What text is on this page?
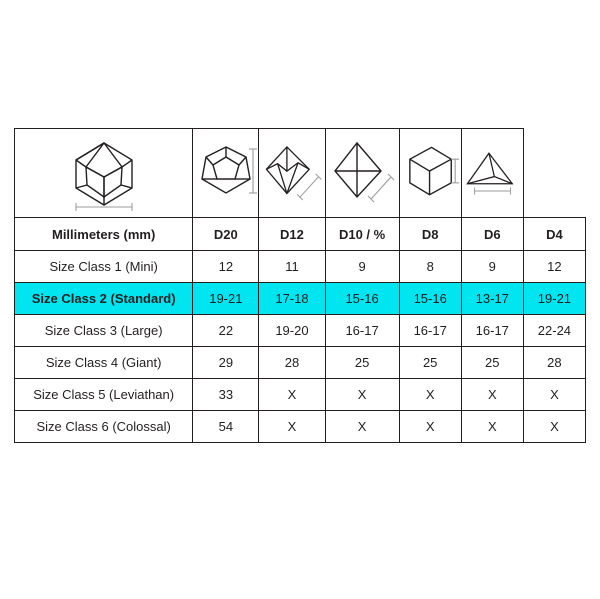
Millimeters (mm)	D20	D12	D10 / %	D8	D6	D4
Size Class 1 (Mini)	12	11	9	8	9	12
Size Class 2 (Standard)	19-21	17-18	15-16	15-16	13-17	19-21
Size Class 3 (Large)	22	19-20	16-17	16-17	16-17	22-24
Size Class 4 (Giant)	29	28	25	25	25	28
Size Class 5 (Leviathan)	33	X	X	X	X	X
Size Class 6 (Colossal)	54	X	X	X	X	X
